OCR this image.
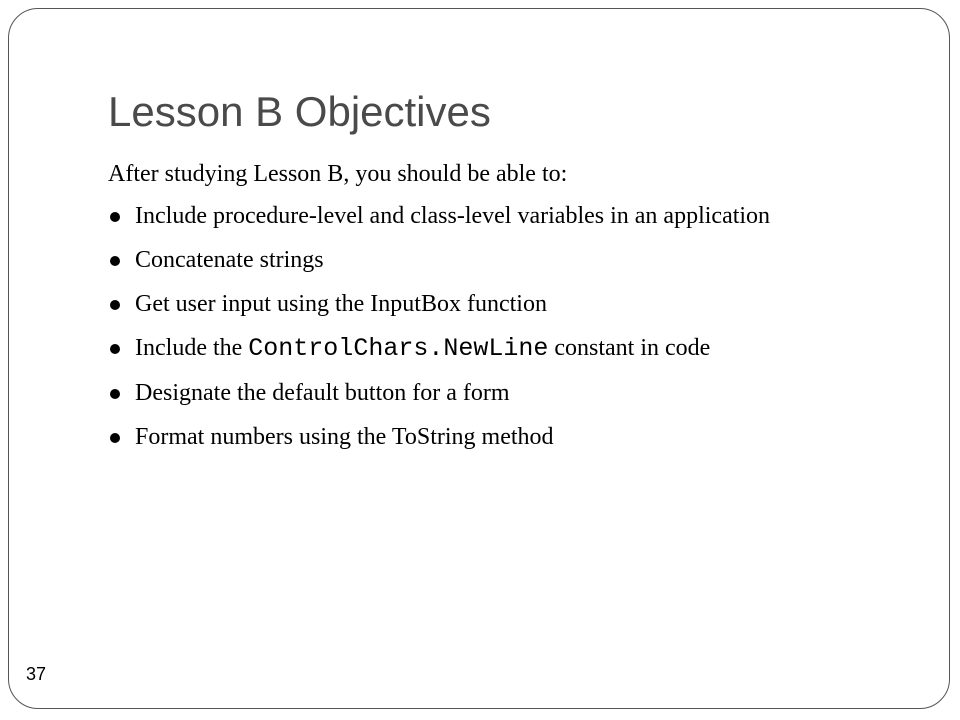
Lesson B Objectives

After studying Lesson B, you should be able to:

Include procedure-level and class-level variables in an application
Concatenate strings
Get user input using the InputBox function
Include the ControlChars.NewLine constant in code
Designate the default button for a form
Format numbers using the ToString method
37
